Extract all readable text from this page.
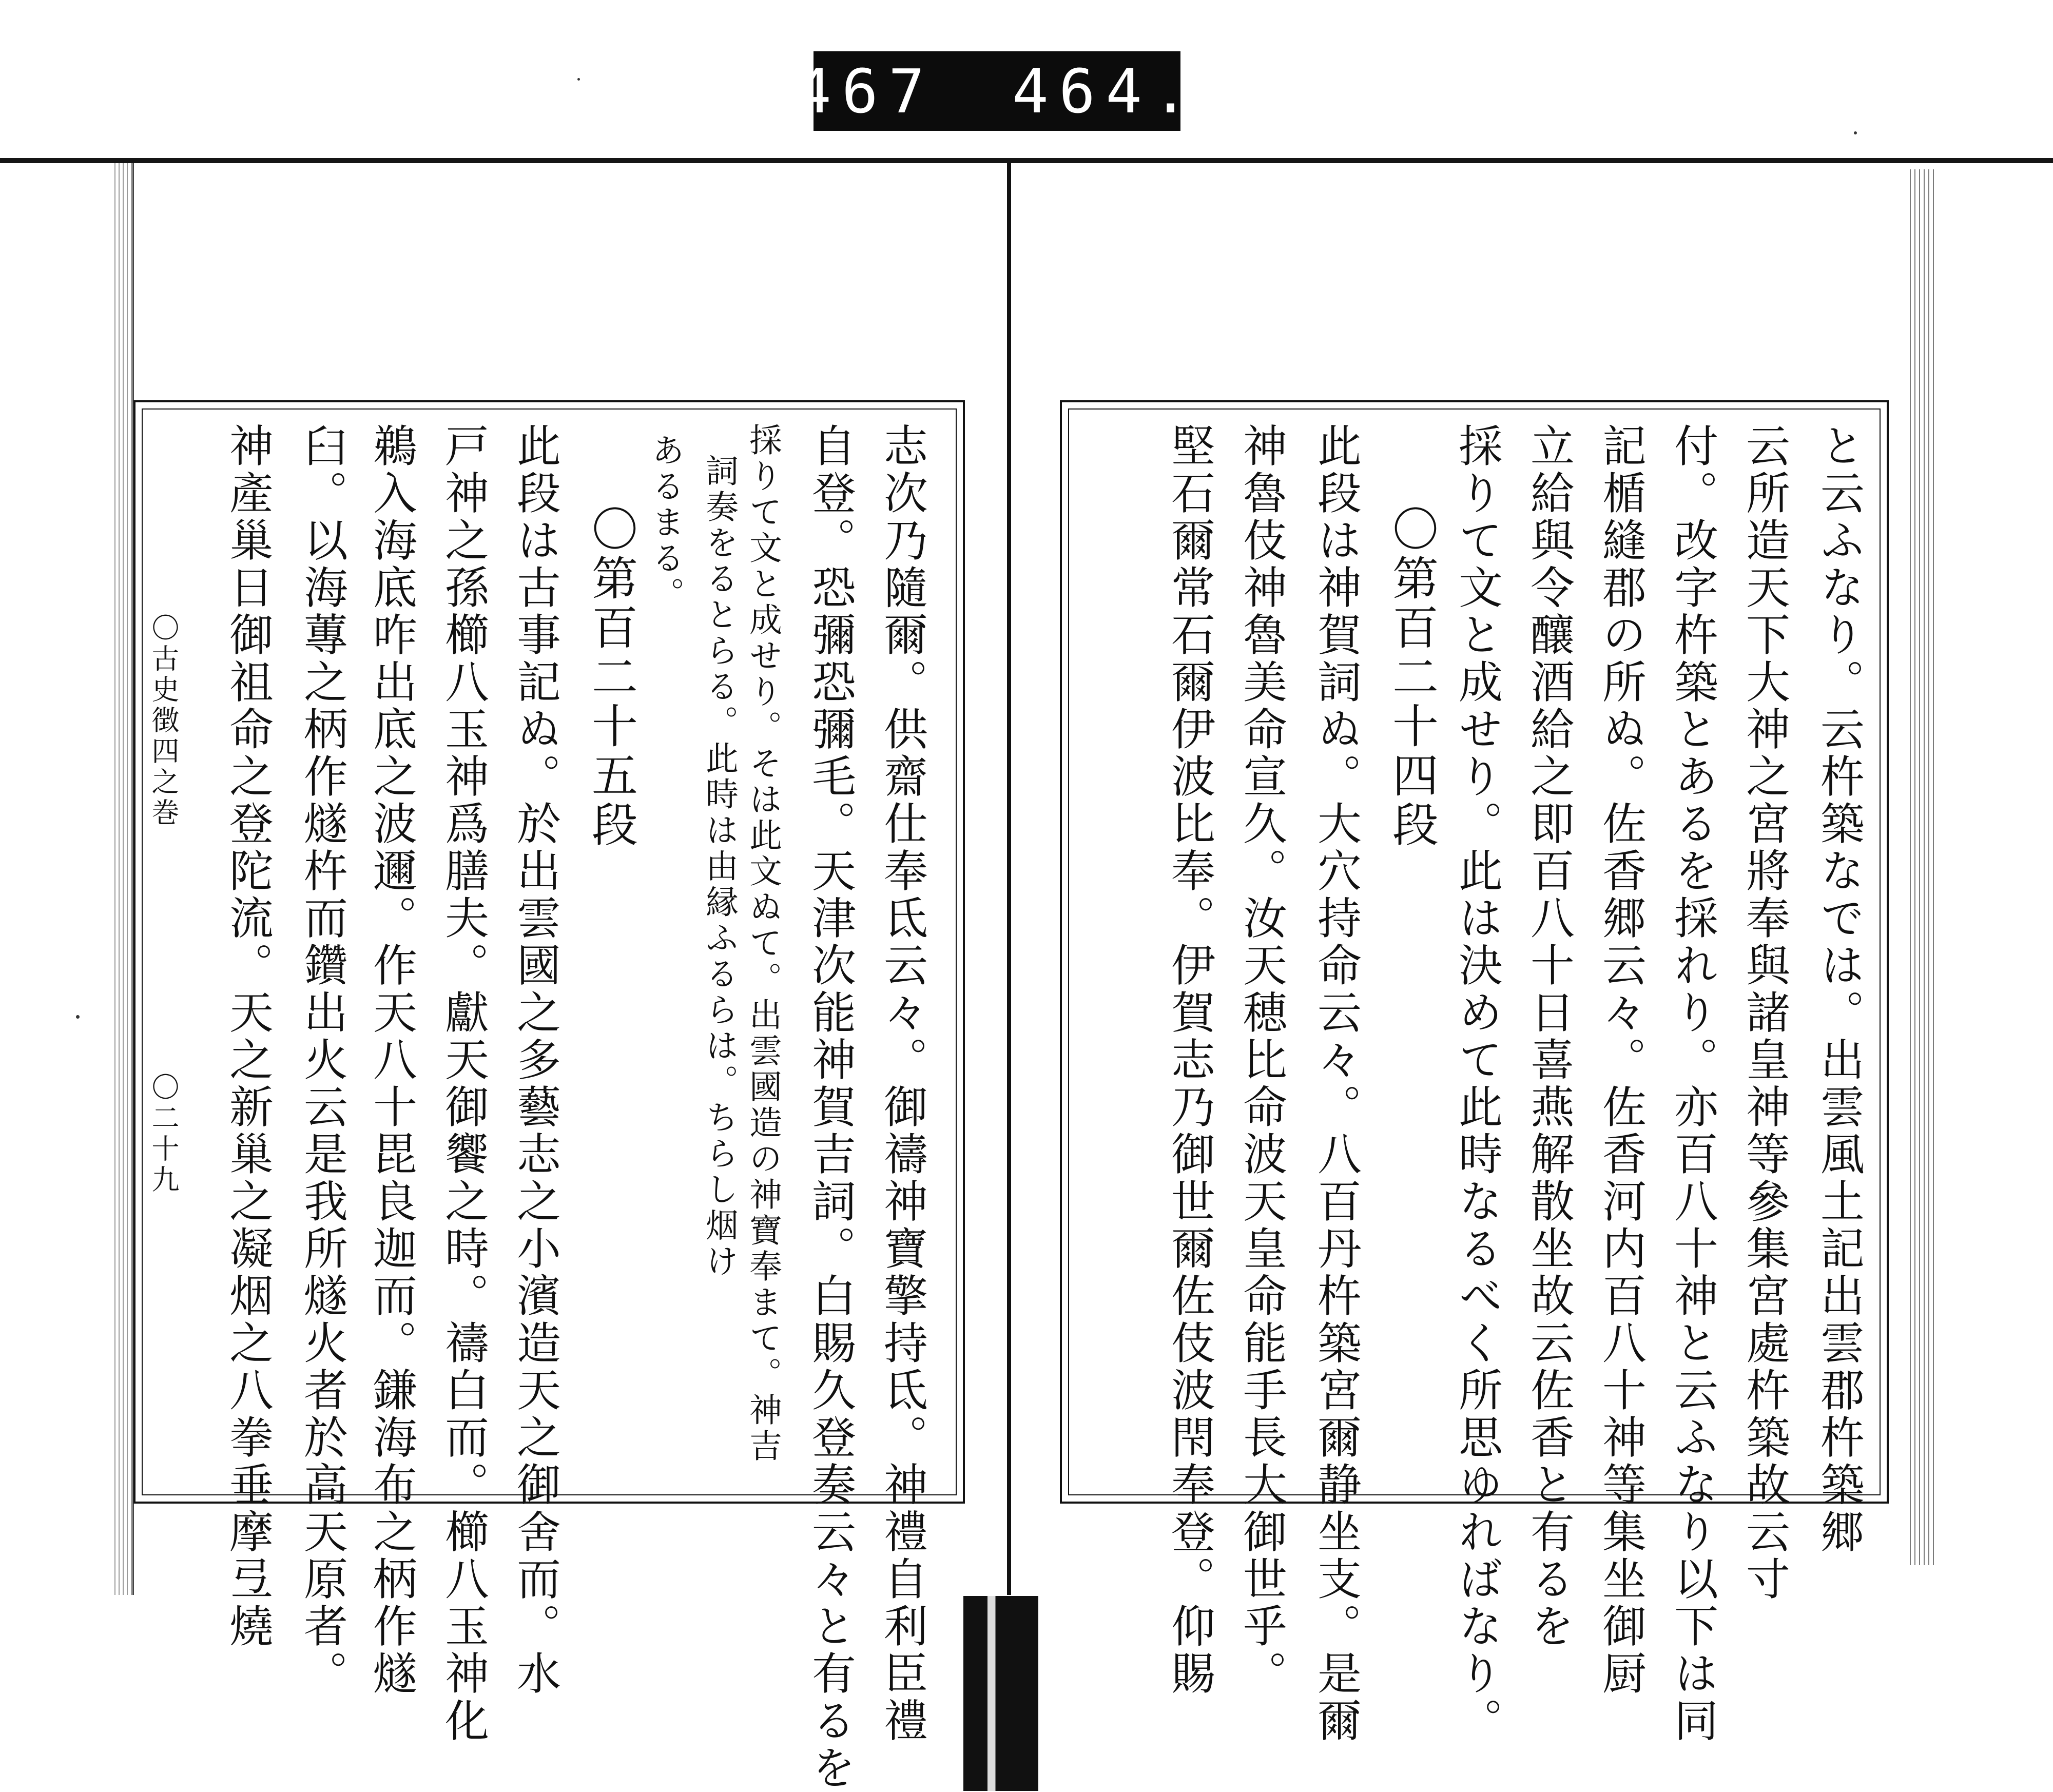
467 464.
志次乃隨爾。供齋仕奉氐云々。御禱神寶擎持氐。神禮自利臣禮
自登。恐彌恐彌毛。天津次能神賀吉詞。白賜久登奏云々と有るを
採りて文と成せり。そは此文ぬて。出雲國造の神寶奉まて。神吉
詞奏をるとらる。此時は由縁ふるらは。ちらし烟け
あるまる。
〇第百二十五段
此段は古事記ぬ。於出雲國之多藝志之小濱造天之御舍而。水
戸神之孫櫛八玉神爲膳夫。獻天御饗之時。禱白而。櫛八玉神化
鵜入海底咋出底之波邇。作天八十毘良迦而。鎌海布之柄作燧
臼。以海蓴之柄作燧杵而鑽出火云是我所燧火者於高天原者。
神產巢日御祖命之登陀流。天之新巢之凝烟之八拳垂摩弖燒
〇古史徴四之巻
〇二十九	と云ふなり。云杵築なでは。出雲風土記出雲郡杵築郷
云所造天下大神之宮將奉與諸皇神等參集宮處杵築故云寸
付。改字杵築とあるを採れり。亦百八十神と云ふなり以下は同
記楯縫郡の所ぬ。佐香郷云々。佐香河内百八十神等集坐御厨
立給與令釀酒給之即百八十日喜燕解散坐故云佐香と有るを
採りて文と成せり。此は決めて此時なるべく所思ゆればなり。
〇第百二十四段
此段は神賀詞ぬ。大穴持命云々。八百丹杵築宮爾静坐支。是爾
神魯伎神魯美命宣久。汝天穂比命波天皇命能手長大御世乎。
堅石爾常石爾伊波比奉。伊賀志乃御世爾佐伎波閇奉登。仰賜
